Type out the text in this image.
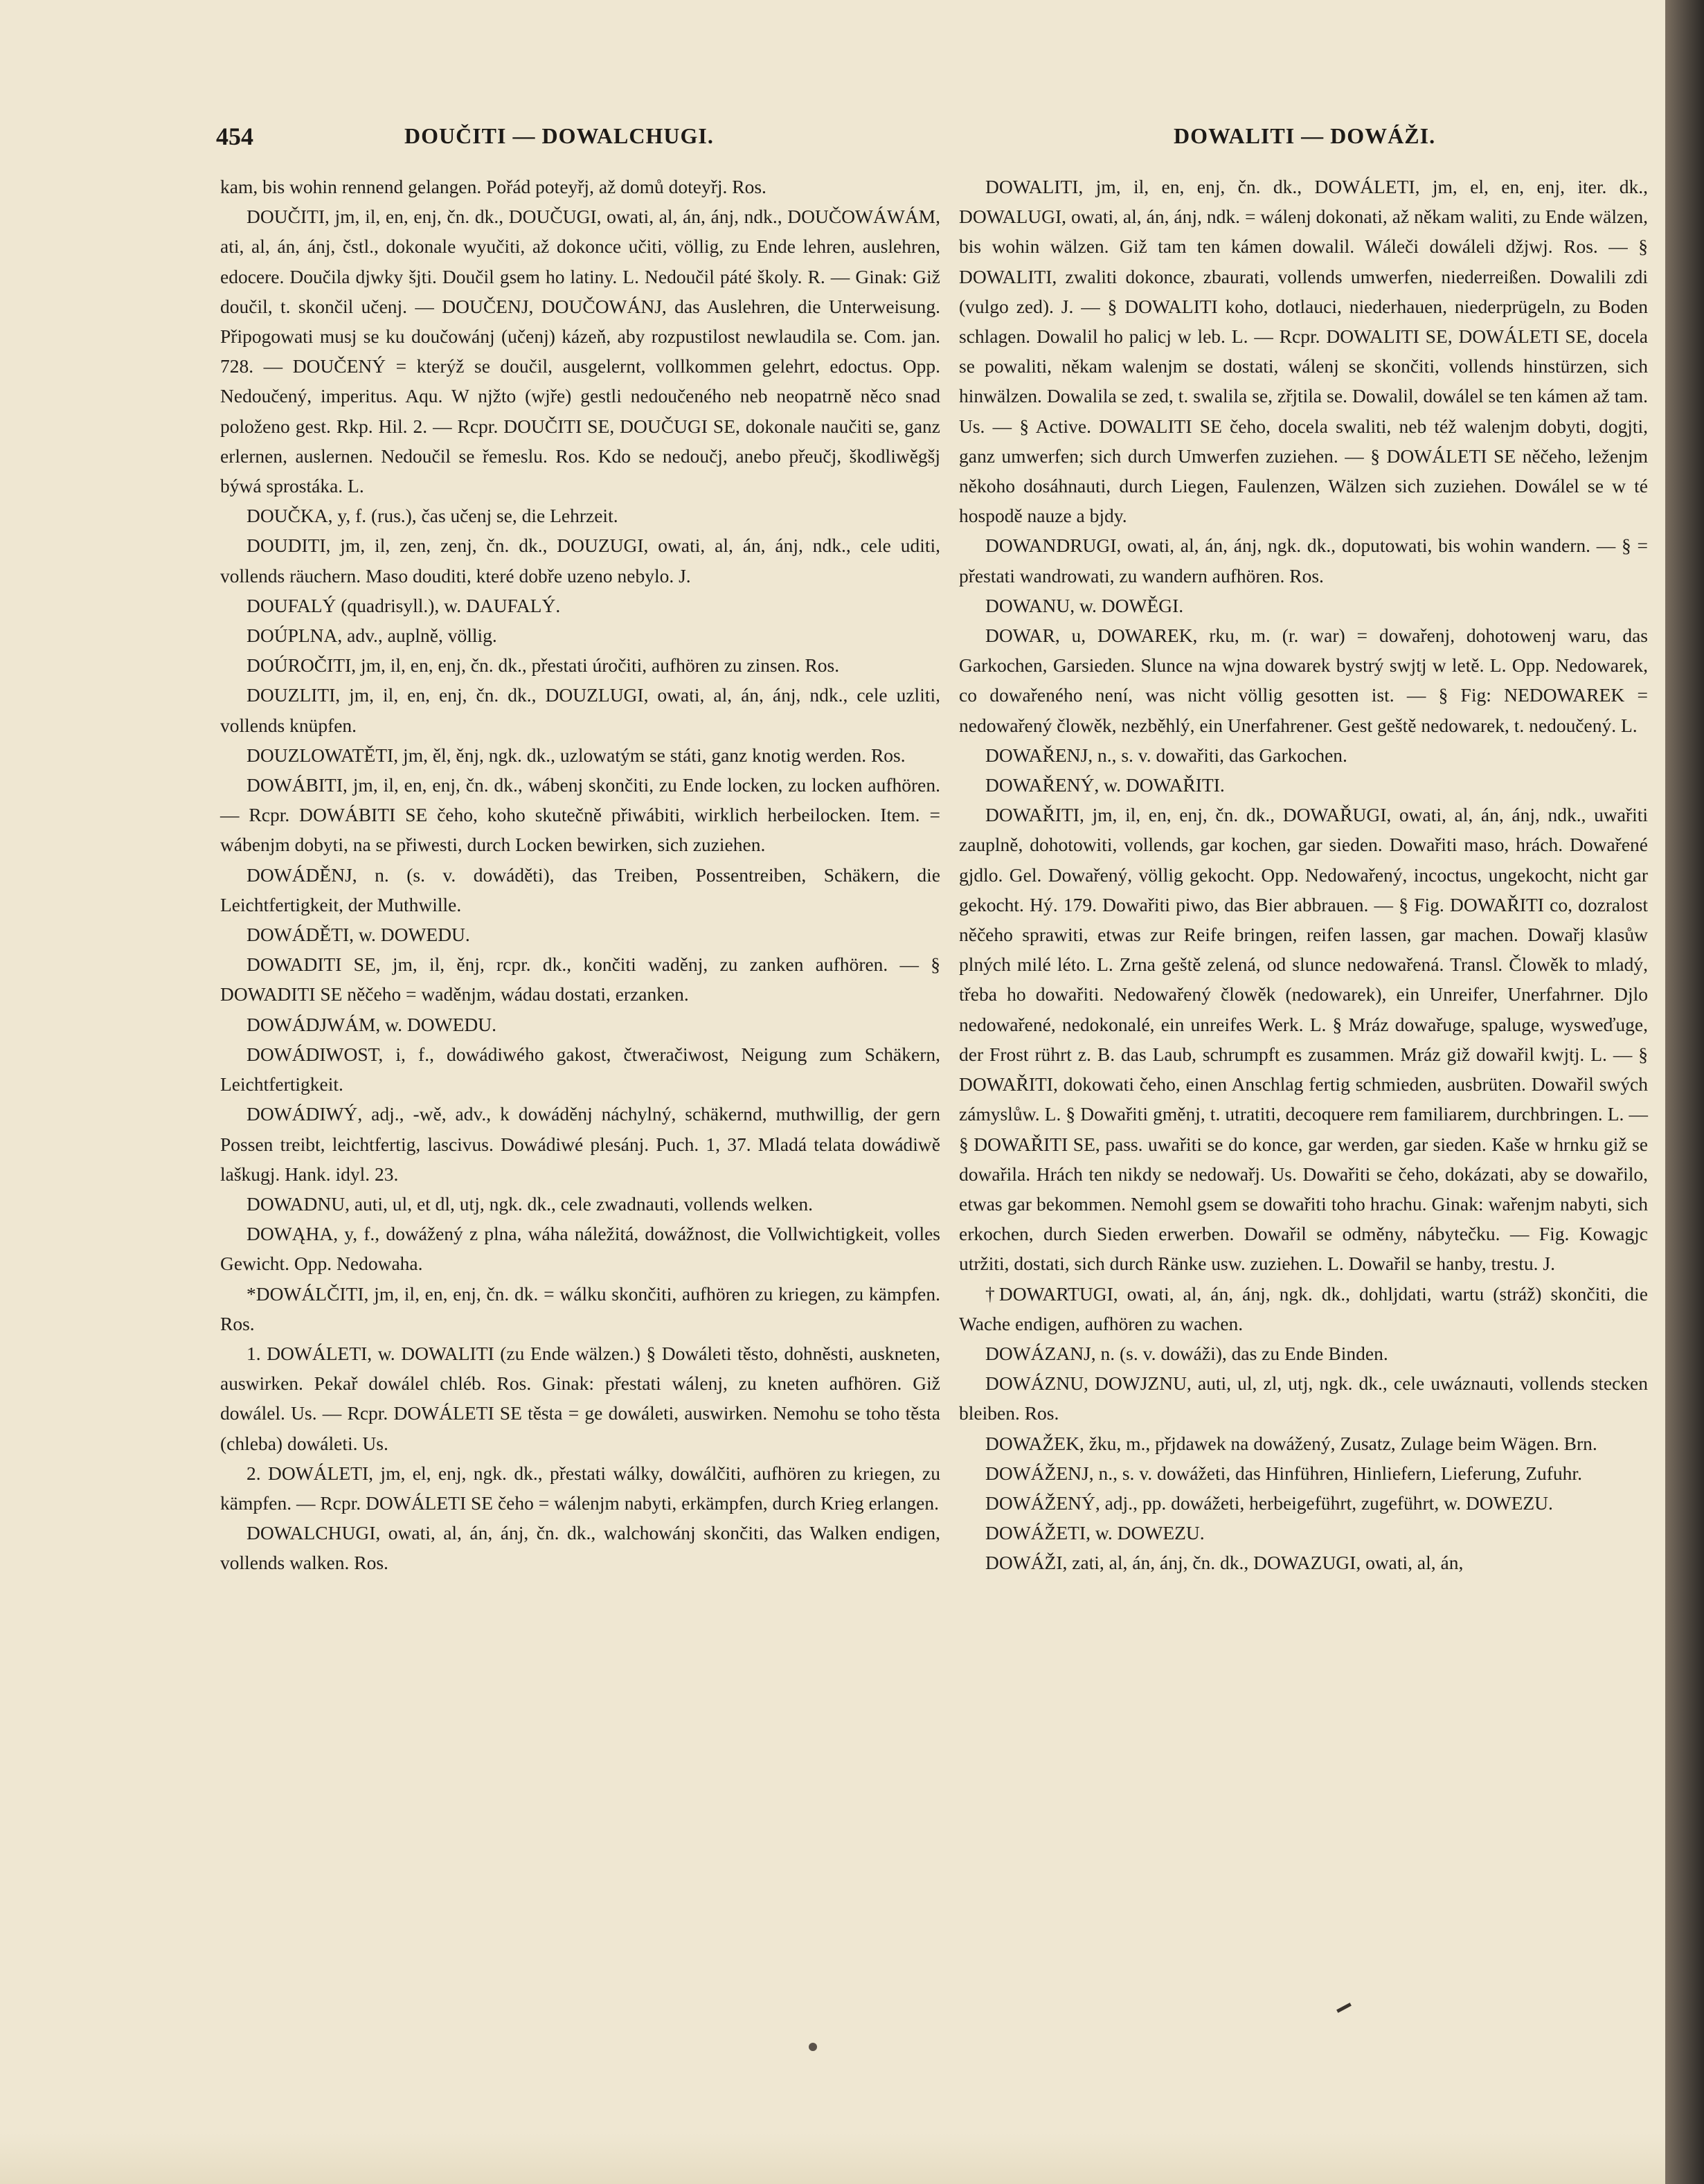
454	DOUČITI — DOWALCHUGI.	DOWALITI — DOWÁŽI.

kam, bis wohin rennend gelangen. Pořád poteyřj, až domů doteyřj. Ros.

DOUČITI, jm, il, en, enj, čn. dk., DOUČUGI, owati, al, án, ánj, ndk., DOUČOWÁWÁM, ati, al, án, ánj, čstl., dokonale wyučiti, až dokonce učiti, völlig, zu Ende lehren, auslehren, edocere. Doučila djwky šjti. Doučil gsem ho latiny. L. Nedoučil páté školy. R. — Ginak: Giž doučil, t. skončil učenj. — DOUČENJ, DOUČOWÁNJ, das Auslehren, die Unterweisung. Připogowati musj se ku doučowánj (učenj) kázeň, aby rozpustilost newlaudila se. Com. jan. 728. — DOUČENÝ = kterýž se doučil, ausgelernt, vollkommen gelehrt, edoctus. Opp. Nedoučený, imperitus. Aqu. W njžto (wjře) gestli nedoučeného neb neopatrně něco snad položeno gest. Rkp. Hil. 2. — Rcpr. DOUČITI SE, DOUČUGI SE, dokonale naučiti se, ganz erlernen, auslernen. Nedoučil se řemeslu. Ros. Kdo se nedoučj, anebo přeučj, škodliwěgšj býwá sprostáka. L.

DOUČKA, y, f. (rus.), čas učenj se, die Lehrzeit.

DOUDITI, jm, il, zen, zenj, čn. dk., DOUZUGI, owati, al, án, ánj, ndk., cele uditi, vollends räuchern. Maso douditi, které dobře uzeno nebylo. J.

DOUFALÝ (quadrisyll.), w. DAUFALÝ.

DOÚPLNA, adv., auplně, völlig.

DOÚROČITI, jm, il, en, enj, čn. dk., přestati úročiti, aufhören zu zinsen. Ros.

DOUZLITI, jm, il, en, enj, čn. dk., DOUZLUGI, owati, al, án, ánj, ndk., cele uzliti, vollends knüpfen.

DOUZLOWATĚTI, jm, ěl, ěnj, ngk. dk., uzlowatým se státi, ganz knotig werden. Ros.

DOWÁBITI, jm, il, en, enj, čn. dk., wábenj skončiti, zu Ende locken, zu locken aufhören. — Rcpr. DOWÁBITI SE čeho, koho skutečně přiwábiti, wirklich herbeilocken. Item. = wábenjm dobyti, na se přiwesti, durch Locken bewirken, sich zuziehen.

DOWÁDĚNJ, n. (s. v. dowáděti), das Treiben, Possentreiben, Schäkern, die Leichtfertigkeit, der Muthwille.

DOWÁDĚTI, w. DOWEDU.

DOWADITI SE, jm, il, ěnj, rcpr. dk., končiti waděnj, zu zanken aufhören. — § DOWADITI SE něčeho = waděnjm, wádau dostati, erzanken.

DOWÁDJWÁM, w. DOWEDU.

DOWÁDIWOST, i, f., dowádiwého gakost, čtweračiwost, Neigung zum Schäkern, Leichtfertigkeit.

DOWÁDIWÝ, adj., -wě, adv., k dowáděnj náchylný, schäkernd, muthwillig, der gern Possen treibt, leichtfertig, lascivus. Dowádiwé plesánj. Puch. 1, 37. Mladá telata dowádiwě laškugj. Hank. idyl. 23.

DOWADNU, auti, ul, et dl, utj, ngk. dk., cele zwadnauti, vollends welken.

DOWĄHA, y, f., dowážený z plna, wáha náležitá, dowážnost, die Vollwichtigkeit, volles Gewicht. Opp. Nedowaha.

*DOWÁLČITI, jm, il, en, enj, čn. dk. = wálku skončiti, aufhören zu kriegen, zu kämpfen. Ros.

1. DOWÁLETI, w. DOWALITI (zu Ende wälzen.) § Dowáleti těsto, dohněsti, auskneten, auswirken. Pekař dowálel chléb. Ros. Ginak: přestati wálenj, zu kneten aufhören. Giž dowálel. Us. — Rcpr. DOWÁLETI SE těsta = ge dowáleti, auswirken. Nemohu se toho těsta (chleba) dowáleti. Us.

2. DOWÁLETI, jm, el, enj, ngk. dk., přestati wálky, dowálčiti, aufhören zu kriegen, zu kämpfen. — Rcpr. DOWÁLETI SE čeho = wálenjm nabyti, erkämpfen, durch Krieg erlangen.

DOWALCHUGI, owati, al, án, ánj, čn. dk., walchowánj skončiti, das Walken endigen, vollends walken. Ros.

DOWALITI, jm, il, en, enj, čn. dk., DOWÁLETI, jm, el, en, enj, iter. dk., DOWALUGI, owati, al, án, ánj, ndk. = wálenj dokonati, až někam waliti, zu Ende wälzen, bis wohin wälzen. Giž tam ten kámen dowalil. Wáleči dowáleli džjwj. Ros. — § DOWALITI, zwaliti dokonce, zbaurati, vollends umwerfen, niederreißen. Dowalili zdi (vulgo zed). J. — § DOWALITI koho, dotlauci, niederhauen, niederprügeln, zu Boden schlagen. Dowalil ho palicj w leb. L. — Rcpr. DOWALITI SE, DOWÁLETI SE, docela se powaliti, někam walenjm se dostati, wálenj se skončiti, vollends hinstürzen, sich hinwälzen. Dowalila se zed, t. swalila se, zřjtila se. Dowalil, dowálel se ten kámen až tam. Us. — § Active. DOWALITI SE čeho, docela swaliti, neb též walenjm dobyti, dogjti, ganz umwerfen; sich durch Umwerfen zuziehen. — § DOWÁLETI SE něčeho, leženjm někoho dosáhnauti, durch Liegen, Faulenzen, Wälzen sich zuziehen. Dowálel se w té hospodě nauze a bjdy.

DOWANDRUGI, owati, al, án, ánj, ngk. dk., doputowati, bis wohin wandern. — § = přestati wandrowati, zu wandern aufhören. Ros.

DOWANU, w. DOWĚGI.

DOWAR, u, DOWAREK, rku, m. (r. war) = dowařenj, dohotowenj waru, das Garkochen, Garsieden. Slunce na wjna dowarek bystrý swjtj w letě. L. Opp. Nedowarek, co dowařeného není, was nicht völlig gesotten ist. — § Fig: NEDOWAREK = nedowařený člowěk, nezběhlý, ein Unerfahrener. Gest geště nedowarek, t. nedoučený. L.

DOWAŘENJ, n., s. v. dowařiti, das Garkochen.

DOWAŘENÝ, w. DOWAŘITI.

DOWAŘITI, jm, il, en, enj, čn. dk., DOWAŘUGI, owati, al, án, ánj, ndk., uwařiti zauplně, dohotowiti, vollends, gar kochen, gar sieden. Dowařiti maso, hrách. Dowařené gjdlo. Gel. Dowařený, völlig gekocht. Opp. Nedowařený, incoctus, ungekocht, nicht gar gekocht. Hý. 179. Dowařiti piwo, das Bier abbrauen. — § Fig. DOWAŘITI co, dozralost něčeho sprawiti, etwas zur Reife bringen, reifen lassen, gar machen. Dowařj klasůw plných milé léto. L. Zrna geště zelená, od slunce nedowařená. Transl. Člowěk to mladý, třeba ho dowařiti. Nedowařený člowěk (nedowarek), ein Unreifer, Unerfahrner. Djlo nedowařené, nedokonalé, ein unreifes Werk. L. § Mráz dowařuge, spaluge, wysweďuge, der Frost rührt z. B. das Laub, schrumpft es zusammen. Mráz giž dowařil kwjtj. L. — § DOWAŘITI, dokowati čeho, einen Anschlag fertig schmieden, ausbrüten. Dowařil swých zámyslůw. L. § Dowařiti gměnj, t. utratiti, decoquere rem familiarem, durchbringen. L. — § DOWAŘITI SE, pass. uwařiti se do konce, gar werden, gar sieden. Kaše w hrnku giž se dowařila. Hrách ten nikdy se nedowařj. Us. Dowařiti se čeho, dokázati, aby se dowařilo, etwas gar bekommen. Nemohl gsem se dowařiti toho hrachu. Ginak: wařenjm nabyti, sich erkochen, durch Sieden erwerben. Dowařil se odměny, nábytečku. — Fig. Kowagjc utržiti, dostati, sich durch Ränke usw. zuziehen. L. Dowařil se hanby, trestu. J.

†DOWARTUGI, owati, al, án, ánj, ngk. dk., dohljdati, wartu (stráž) skončiti, die Wache endigen, aufhören zu wachen.

DOWÁZANJ, n. (s. v. dowáži), das zu Ende Binden.

DOWÁZNU, DOWJZNU, auti, ul, zl, utj, ngk. dk., cele uwáznauti, vollends stecken bleiben. Ros.

DOWAŽEK, žku, m., přjdawek na dowážený, Zusatz, Zulage beim Wägen. Brn.

DOWÁŽENJ, n., s. v. dowážeti, das Hinführen, Hinliefern, Lieferung, Zufuhr.

DOWÁŽENÝ, adj., pp. dowážeti, herbeigeführt, zugeführt, w. DOWEZU.

DOWÁŽETI, w. DOWEZU.

DOWÁŽI, zati, al, án, ánj, čn. dk., DOWAZUGI, owati, al, án,
